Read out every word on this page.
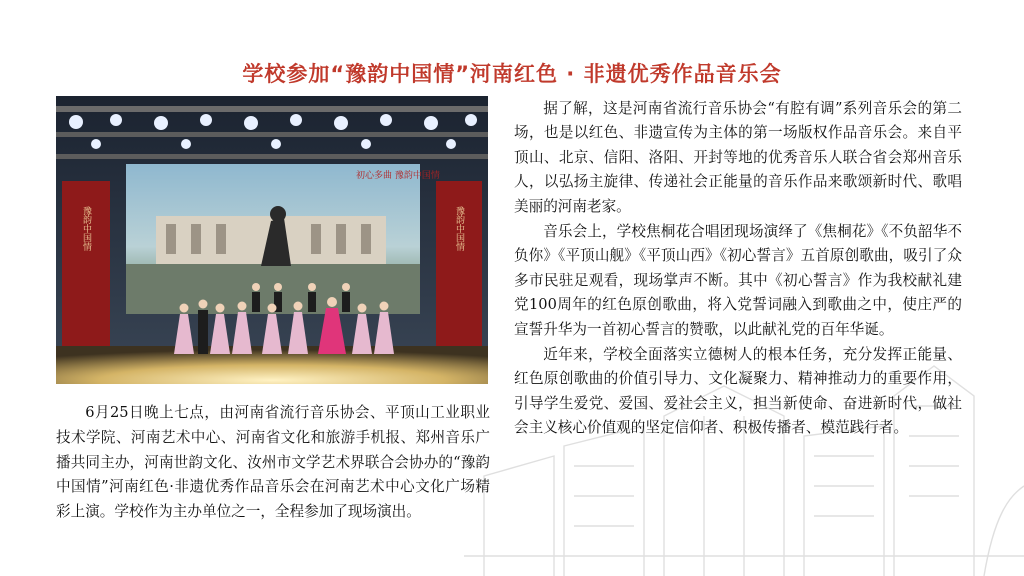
学校参加“豫韵中国情”河南红色 · 非遗优秀作品音乐会
初心多曲 豫韵中国情
豫韵中国情	豫韵中国情

6月25日晚上七点，由河南省流行音乐协会、平顶山工业职业技术学院、河南艺术中心、河南省文化和旅游手机报、郑州音乐广播共同主办，河南世韵文化、汝州市文学艺术界联合会协办的“豫韵中国情”河南红色·非遗优秀作品音乐会在河南艺术中心文化广场精彩上演。学校作为主办单位之一，全程参加了现场演出。

据了解，这是河南省流行音乐协会“有腔有调”系列音乐会的第二场，也是以红色、非遗宣传为主体的第一场版权作品音乐会。来自平顶山、北京、信阳、洛阳、开封等地的优秀音乐人联合省会郑州音乐人，以弘扬主旋律、传递社会正能量的音乐作品来歌颂新时代、歌唱美丽的河南老家。

音乐会上，学校焦桐花合唱团现场演绎了《焦桐花》《不负韶华不负你》《平顶山舰》《平顶山西》《初心誓言》五首原创歌曲，吸引了众多市民驻足观看，现场掌声不断。其中《初心誓言》作为我校献礼建党100周年的红色原创歌曲，将入党誓词融入到歌曲之中，使庄严的宣誓升华为一首初心誓言的赞歌，以此献礼党的百年华诞。

近年来，学校全面落实立德树人的根本任务，充分发挥正能量、红色原创歌曲的价值引导力、文化凝聚力、精神推动力的重要作用，引导学生爱党、爱国、爱社会主义，担当新使命、奋进新时代，做社会主义核心价值观的坚定信仰者、积极传播者、模范践行者。
